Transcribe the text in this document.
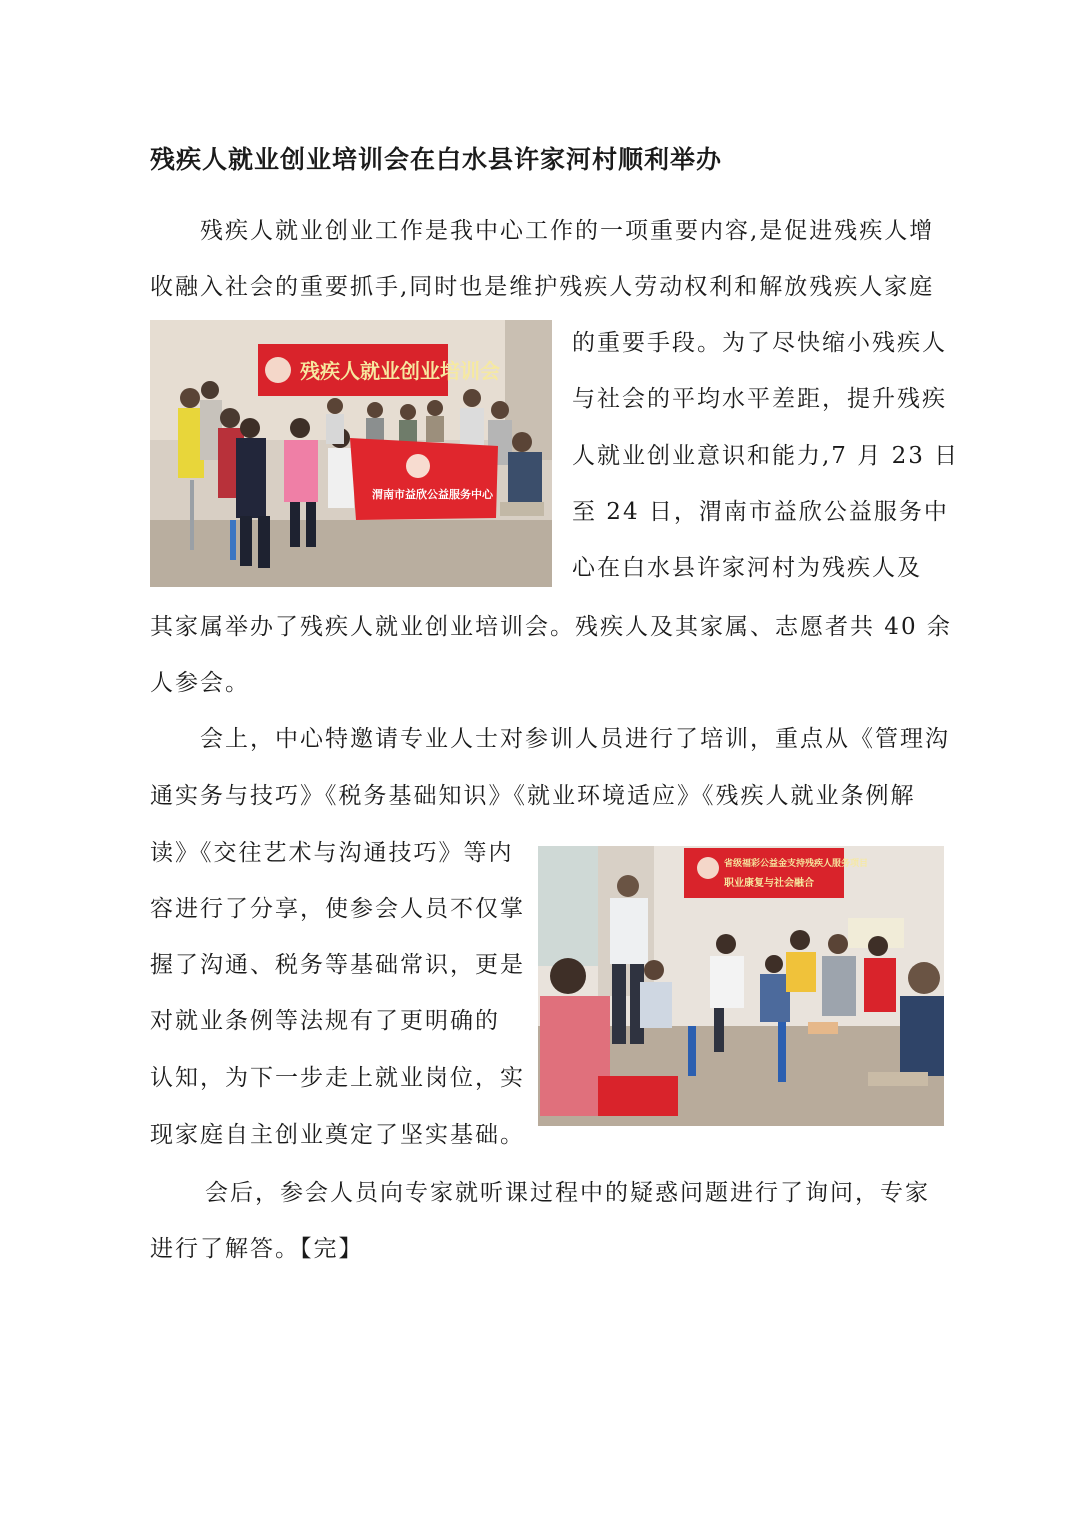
残疾人就业创业培训会在白水县许家河村顺利举办
残疾人就业创业工作是我中心工作的一项重要内容,是促进残疾人增
收融入社会的重要抓手,同时也是维护残疾人劳动权利和解放残疾人家庭
残疾人就业创业培训会
渭南市益欣公益服务中心
的重要手段。为了尽快缩小残疾人
与社会的平均水平差距，提升残疾
人就业创业意识和能力,7 月 23 日
至 24 日，渭南市益欣公益服务中
心在白水县许家河村为残疾人及
其家属举办了残疾人就业创业培训会。残疾人及其家属、志愿者共 40 余
人参会。
会上，中心特邀请专业人士对参训人员进行了培训，重点从《管理沟
通实务与技巧》《税务基础知识》《就业环境适应》《残疾人就业条例解
读》《交往艺术与沟通技巧》等内
容进行了分享，使参会人员不仅掌
握了沟通、税务等基础常识，更是
对就业条例等法规有了更明确的
认知，为下一步走上就业岗位，实
现家庭自主创业奠定了坚实基础。
省级福彩公益金支持残疾人服务项目
职业康复与社会融合
会后，参会人员向专家就听课过程中的疑惑问题进行了询问，专家
进行了解答。【完】
